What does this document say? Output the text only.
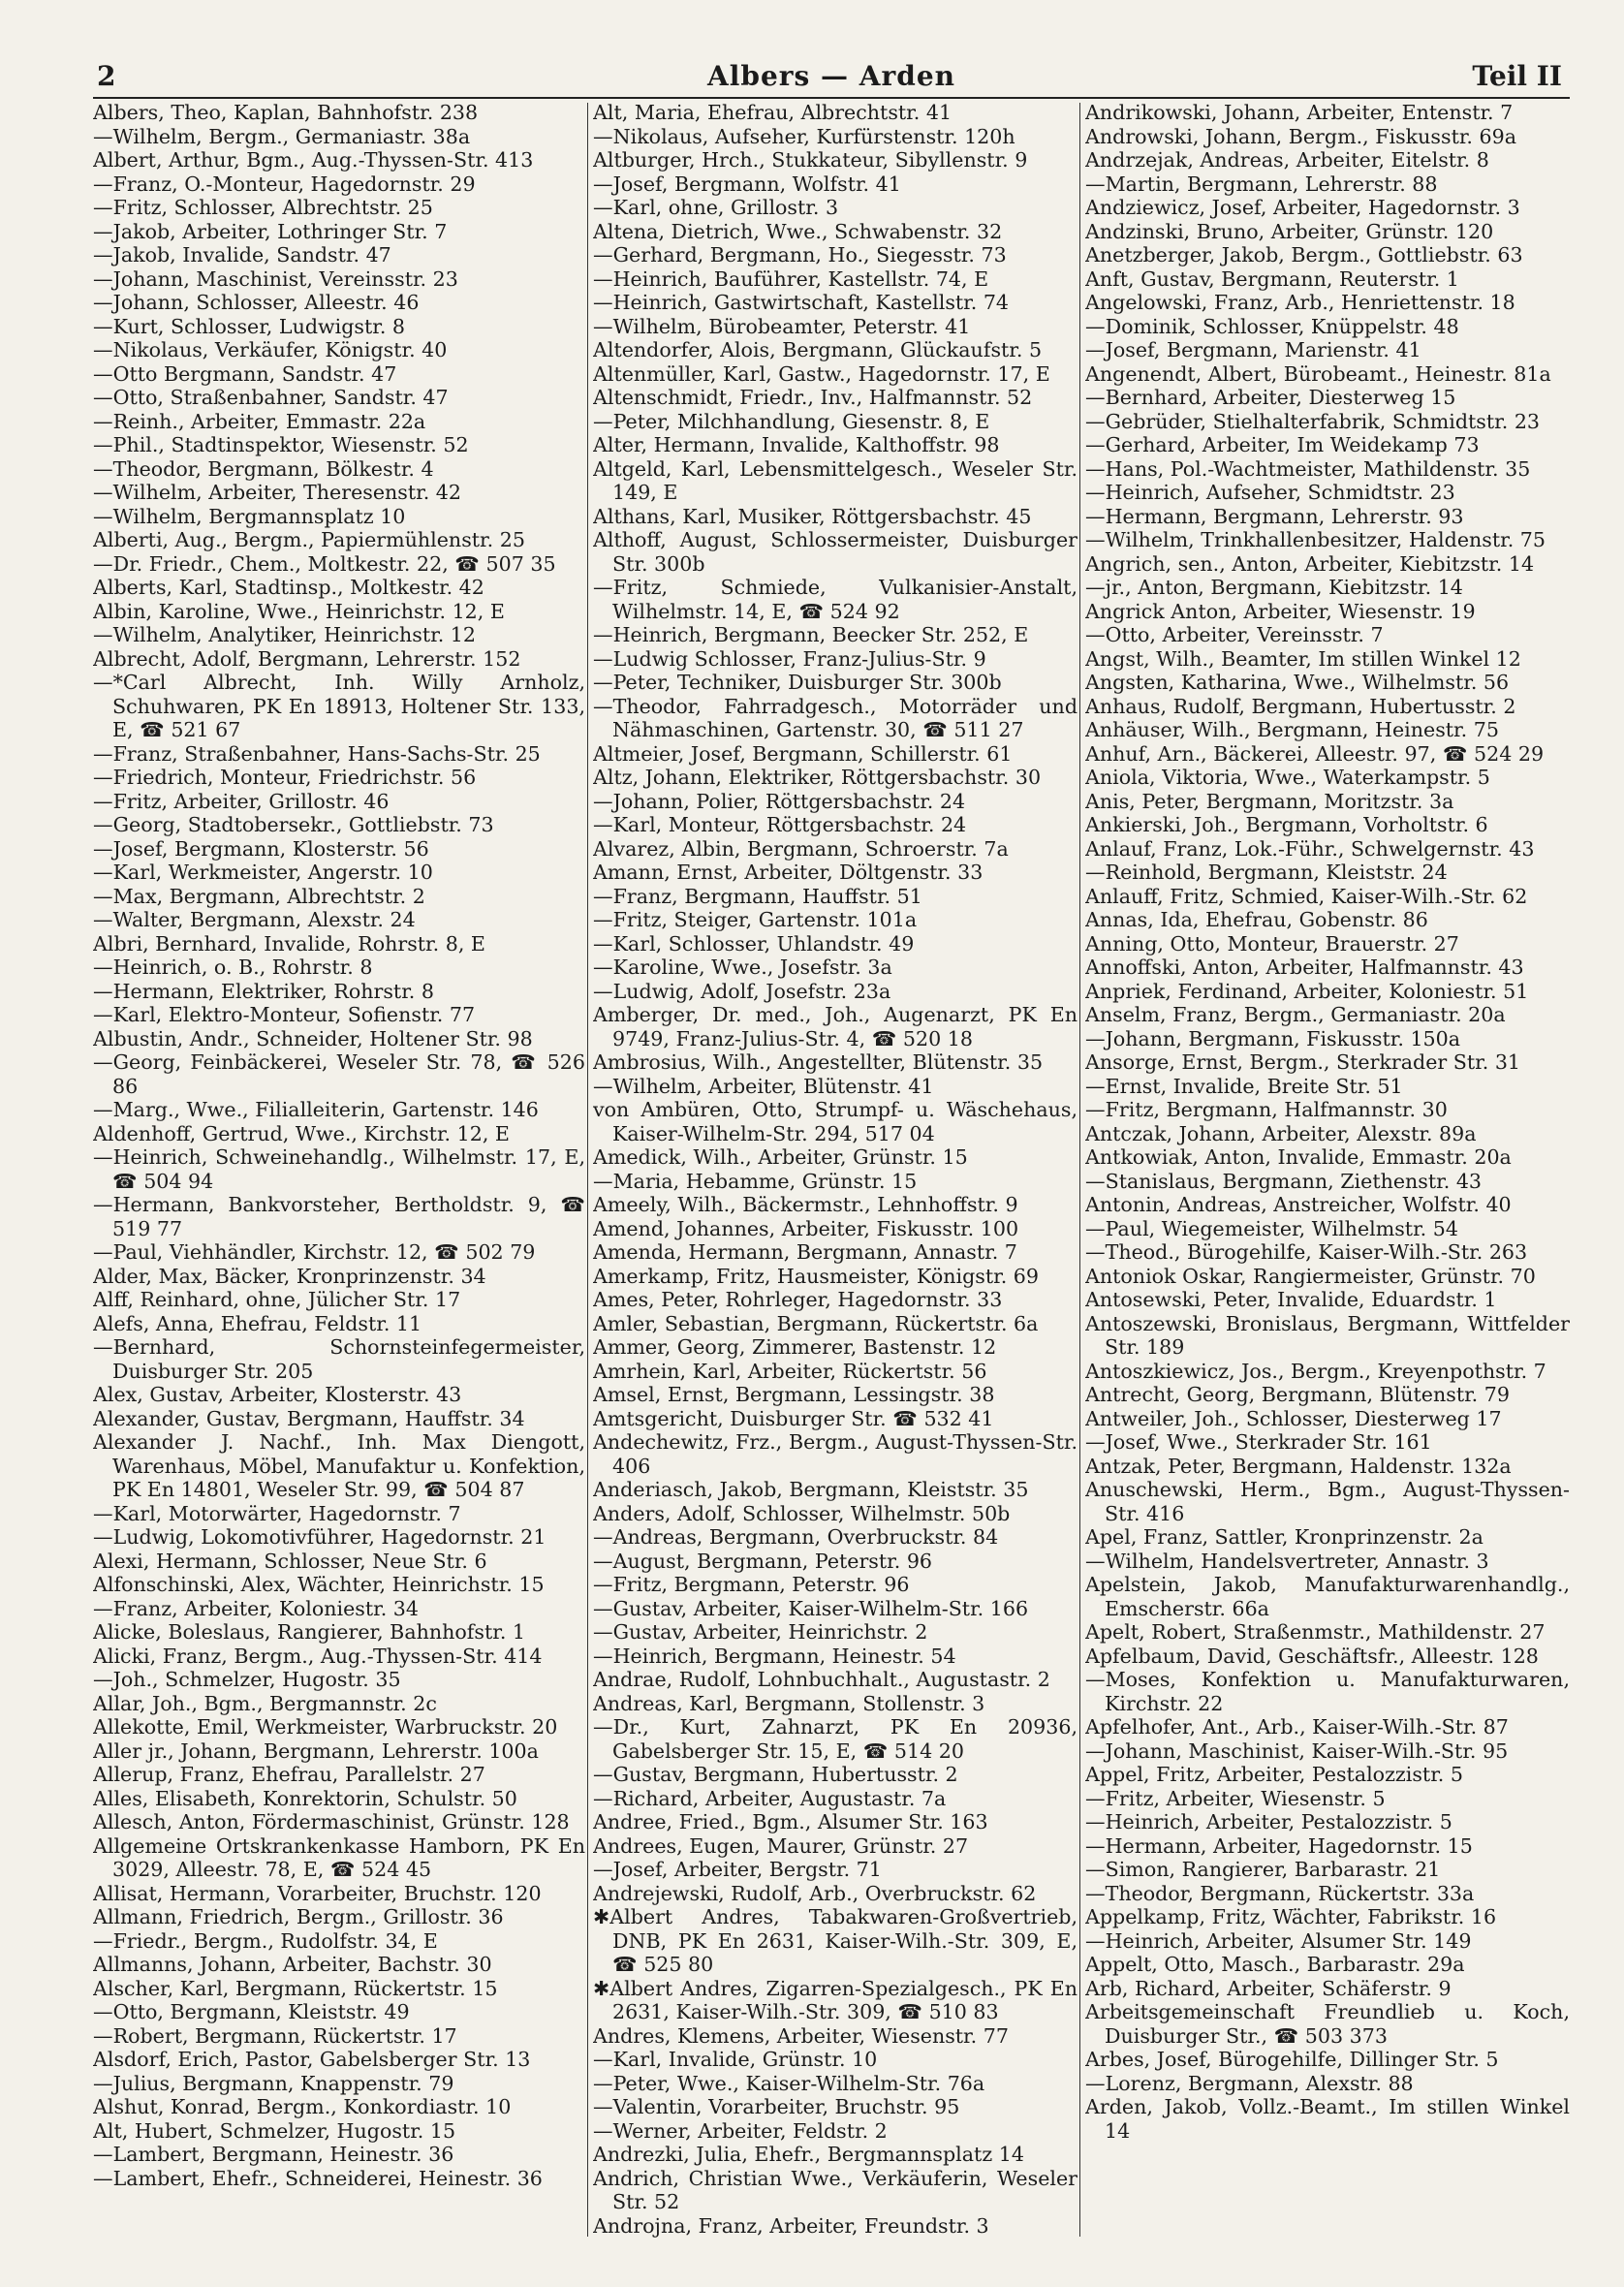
2	Albers — Arden	Teil II
Albers, Theo, Kaplan, Bahnhofstr. 238
—Wilhelm, Bergm., Germaniastr. 38a
Albert, Arthur, Bgm., Aug.-Thyssen-Str. 413
—Franz, O.-Monteur, Hagedornstr. 29
—Fritz, Schlosser, Albrechtstr. 25
—Jakob, Arbeiter, Lothringer Str. 7
—Jakob, Invalide, Sandstr. 47
—Johann, Maschinist, Vereinsstr. 23
—Johann, Schlosser, Alleestr. 46
—Kurt, Schlosser, Ludwigstr. 8
—Nikolaus, Verkäufer, Königstr. 40
—Otto Bergmann, Sandstr. 47
—Otto, Straßenbahner, Sandstr. 47
—Reinh., Arbeiter, Emmastr. 22a
—Phil., Stadtinspektor, Wiesenstr. 52
—Theodor, Bergmann, Bölkestr. 4
—Wilhelm, Arbeiter, Theresenstr. 42
—Wilhelm, Bergmannsplatz 10
Alberti, Aug., Bergm., Papiermühlenstr. 25
—Dr. Friedr., Chem., Moltkestr. 22, ☎ 507 35
Alberts, Karl, Stadtinsp., Moltkestr. 42
Albin, Karoline, Wwe., Heinrichstr. 12, E
—Wilhelm, Analytiker, Heinrichstr. 12
Albrecht, Adolf, Bergmann, Lehrerstr. 152
—*Carl Albrecht, Inh. Willy Arnholz, Schuhwaren, PK En 18913, Holtener Str. 133, E, ☎ 521 67
—Franz, Straßenbahner, Hans-Sachs-Str. 25
—Friedrich, Monteur, Friedrichstr. 56
—Fritz, Arbeiter, Grillostr. 46
—Georg, Stadtobersekr., Gottliebstr. 73
—Josef, Bergmann, Klosterstr. 56
—Karl, Werkmeister, Angerstr. 10
—Max, Bergmann, Albrechtstr. 2
—Walter, Bergmann, Alexstr. 24
Albri, Bernhard, Invalide, Rohrstr. 8, E
—Heinrich, o. B., Rohrstr. 8
—Hermann, Elektriker, Rohrstr. 8
—Karl, Elektro-Monteur, Sofienstr. 77
Albustin, Andr., Schneider, Holtener Str. 98
—Georg, Feinbäckerei, Weseler Str. 78, ☎ 526 86
—Marg., Wwe., Filialleiterin, Gartenstr. 146
Aldenhoff, Gertrud, Wwe., Kirchstr. 12, E
—Heinrich, Schweinehandlg., Wilhelmstr. 17, E, ☎ 504 94
—Hermann, Bankvorsteher, Bertholdstr. 9, ☎ 519 77
—Paul, Viehhändler, Kirchstr. 12, ☎ 502 79
Alder, Max, Bäcker, Kronprinzenstr. 34
Alff, Reinhard, ohne, Jülicher Str. 17
Alefs, Anna, Ehefrau, Feldstr. 11
—Bernhard, Schornsteinfegermeister, Duisburger Str. 205
Alex, Gustav, Arbeiter, Klosterstr. 43
Alexander, Gustav, Bergmann, Hauffstr. 34
Alexander J. Nachf., Inh. Max Diengott, Warenhaus, Möbel, Manufaktur u. Konfektion, PK En 14801, Weseler Str. 99, ☎ 504 87
—Karl, Motorwärter, Hagedornstr. 7
—Ludwig, Lokomotivführer, Hagedornstr. 21
Alexi, Hermann, Schlosser, Neue Str. 6
Alfonschinski, Alex, Wächter, Heinrichstr. 15
—Franz, Arbeiter, Koloniestr. 34
Alicke, Boleslaus, Rangierer, Bahnhofstr. 1
Alicki, Franz, Bergm., Aug.-Thyssen-Str. 414
—Joh., Schmelzer, Hugostr. 35
Allar, Joh., Bgm., Bergmannstr. 2c
Allekotte, Emil, Werkmeister, Warbruckstr. 20
Aller jr., Johann, Bergmann, Lehrerstr. 100a
Allerup, Franz, Ehefrau, Parallelstr. 27
Alles, Elisabeth, Konrektorin, Schulstr. 50
Allesch, Anton, Fördermaschinist, Grünstr. 128
Allgemeine Ortskrankenkasse Hamborn, PK En 3029, Alleestr. 78, E, ☎ 524 45
Allisat, Hermann, Vorarbeiter, Bruchstr. 120
Allmann, Friedrich, Bergm., Grillostr. 36
—Friedr., Bergm., Rudolfstr. 34, E
Allmanns, Johann, Arbeiter, Bachstr. 30
Alscher, Karl, Bergmann, Rückertstr. 15
—Otto, Bergmann, Kleiststr. 49
—Robert, Bergmann, Rückertstr. 17
Alsdorf, Erich, Pastor, Gabelsberger Str. 13
—Julius, Bergmann, Knappenstr. 79
Alshut, Konrad, Bergm., Konkordiastr. 10
Alt, Hubert, Schmelzer, Hugostr. 15
—Lambert, Bergmann, Heinestr. 36
—Lambert, Ehefr., Schneiderei, Heinestr. 36
Alt, Maria, Ehefrau, Albrechtstr. 41
—Nikolaus, Aufseher, Kurfürstenstr. 120h
Altburger, Hrch., Stukkateur, Sibyllenstr. 9
—Josef, Bergmann, Wolfstr. 41
—Karl, ohne, Grillostr. 3
Altena, Dietrich, Wwe., Schwabenstr. 32
—Gerhard, Bergmann, Ho., Siegesstr. 73
—Heinrich, Bauführer, Kastellstr. 74, E
—Heinrich, Gastwirtschaft, Kastellstr. 74
—Wilhelm, Bürobeamter, Peterstr. 41
Altendorfer, Alois, Bergmann, Glückaufstr. 5
Altenmüller, Karl, Gastw., Hagedornstr. 17, E
Altenschmidt, Friedr., Inv., Halfmannstr. 52
—Peter, Milchhandlung, Giesenstr. 8, E
Alter, Hermann, Invalide, Kalthoffstr. 98
Altgeld, Karl, Lebensmittelgesch., Weseler Str. 149, E
Althans, Karl, Musiker, Röttgersbachstr. 45
Althoff, August, Schlossermeister, Duisburger Str. 300b
—Fritz, Schmiede, Vulkanisier-Anstalt, Wilhelmstr. 14, E, ☎ 524 92
—Heinrich, Bergmann, Beecker Str. 252, E
—Ludwig Schlosser, Franz-Julius-Str. 9
—Peter, Techniker, Duisburger Str. 300b
—Theodor, Fahrradgesch., Motorräder und Nähmaschinen, Gartenstr. 30, ☎ 511 27
Altmeier, Josef, Bergmann, Schillerstr. 61
Altz, Johann, Elektriker, Röttgersbachstr. 30
—Johann, Polier, Röttgersbachstr. 24
—Karl, Monteur, Röttgersbachstr. 24
Alvarez, Albin, Bergmann, Schroerstr. 7a
Amann, Ernst, Arbeiter, Döltgenstr. 33
—Franz, Bergmann, Hauffstr. 51
—Fritz, Steiger, Gartenstr. 101a
—Karl, Schlosser, Uhlandstr. 49
—Karoline, Wwe., Josefstr. 3a
—Ludwig, Adolf, Josefstr. 23a
Amberger, Dr. med., Joh., Augenarzt, PK En 9749, Franz-Julius-Str. 4, ☎ 520 18
Ambrosius, Wilh., Angestellter, Blütenstr. 35
—Wilhelm, Arbeiter, Blütenstr. 41
von Ambüren, Otto, Strumpf- u. Wäschehaus, Kaiser-Wilhelm-Str. 294, 517 04
Amedick, Wilh., Arbeiter, Grünstr. 15
—Maria, Hebamme, Grünstr. 15
Ameely, Wilh., Bäckermstr., Lehnhoffstr. 9
Amend, Johannes, Arbeiter, Fiskusstr. 100
Amenda, Hermann, Bergmann, Annastr. 7
Amerkamp, Fritz, Hausmeister, Königstr. 69
Ames, Peter, Rohrleger, Hagedornstr. 33
Amler, Sebastian, Bergmann, Rückertstr. 6a
Ammer, Georg, Zimmerer, Bastenstr. 12
Amrhein, Karl, Arbeiter, Rückertstr. 56
Amsel, Ernst, Bergmann, Lessingstr. 38
Amtsgericht, Duisburger Str. ☎ 532 41
Andechewitz, Frz., Bergm., August-Thyssen-Str. 406
Anderiasch, Jakob, Bergmann, Kleiststr. 35
Anders, Adolf, Schlosser, Wilhelmstr. 50b
—Andreas, Bergmann, Overbruckstr. 84
—August, Bergmann, Peterstr. 96
—Fritz, Bergmann, Peterstr. 96
—Gustav, Arbeiter, Kaiser-Wilhelm-Str. 166
—Gustav, Arbeiter, Heinrichstr. 2
—Heinrich, Bergmann, Heinestr. 54
Andrae, Rudolf, Lohnbuchhalt., Augustastr. 2
Andreas, Karl, Bergmann, Stollenstr. 3
—Dr., Kurt, Zahnarzt, PK En 20936, Gabelsberger Str. 15, E, ☎ 514 20
—Gustav, Bergmann, Hubertusstr. 2
—Richard, Arbeiter, Augustastr. 7a
Andree, Fried., Bgm., Alsumer Str. 163
Andrees, Eugen, Maurer, Grünstr. 27
—Josef, Arbeiter, Bergstr. 71
Andrejewski, Rudolf, Arb., Overbruckstr. 62
✱Albert Andres, Tabakwaren-Großvertrieb, DNB, PK En 2631, Kaiser-Wilh.-Str. 309, E, ☎ 525 80
✱Albert Andres, Zigarren-Spezialgesch., PK En 2631, Kaiser-Wilh.-Str. 309, ☎ 510 83
Andres, Klemens, Arbeiter, Wiesenstr. 77
—Karl, Invalide, Grünstr. 10
—Peter, Wwe., Kaiser-Wilhelm-Str. 76a
—Valentin, Vorarbeiter, Bruchstr. 95
—Werner, Arbeiter, Feldstr. 2
Andrezki, Julia, Ehefr., Bergmannsplatz 14
Andrich, Christian Wwe., Verkäuferin, Weseler Str. 52
Androjna, Franz, Arbeiter, Freundstr. 3
Andrikowski, Johann, Arbeiter, Entenstr. 7
Androwski, Johann, Bergm., Fiskusstr. 69a
Andrzejak, Andreas, Arbeiter, Eitelstr. 8
—Martin, Bergmann, Lehrerstr. 88
Andziewicz, Josef, Arbeiter, Hagedornstr. 3
Andzinski, Bruno, Arbeiter, Grünstr. 120
Anetzberger, Jakob, Bergm., Gottliebstr. 63
Anft, Gustav, Bergmann, Reuterstr. 1
Angelowski, Franz, Arb., Henriettenstr. 18
—Dominik, Schlosser, Knüppelstr. 48
—Josef, Bergmann, Marienstr. 41
Angenendt, Albert, Bürobeamt., Heinestr. 81a
—Bernhard, Arbeiter, Diesterweg 15
—Gebrüder, Stielhalterfabrik, Schmidtstr. 23
—Gerhard, Arbeiter, Im Weidekamp 73
—Hans, Pol.-Wachtmeister, Mathildenstr. 35
—Heinrich, Aufseher, Schmidtstr. 23
—Hermann, Bergmann, Lehrerstr. 93
—Wilhelm, Trinkhallenbesitzer, Haldenstr. 75
Angrich, sen., Anton, Arbeiter, Kiebitzstr. 14
—jr., Anton, Bergmann, Kiebitzstr. 14
Angrick Anton, Arbeiter, Wiesenstr. 19
—Otto, Arbeiter, Vereinsstr. 7
Angst, Wilh., Beamter, Im stillen Winkel 12
Angsten, Katharina, Wwe., Wilhelmstr. 56
Anhaus, Rudolf, Bergmann, Hubertusstr. 2
Anhäuser, Wilh., Bergmann, Heinestr. 75
Anhuf, Arn., Bäckerei, Alleestr. 97, ☎ 524 29
Aniola, Viktoria, Wwe., Waterkampstr. 5
Anis, Peter, Bergmann, Moritzstr. 3a
Ankierski, Joh., Bergmann, Vorholtstr. 6
Anlauf, Franz, Lok.-Führ., Schwelgernstr. 43
—Reinhold, Bergmann, Kleiststr. 24
Anlauff, Fritz, Schmied, Kaiser-Wilh.-Str. 62
Annas, Ida, Ehefrau, Gobenstr. 86
Anning, Otto, Monteur, Brauerstr. 27
Annoffski, Anton, Arbeiter, Halfmannstr. 43
Anpriek, Ferdinand, Arbeiter, Koloniestr. 51
Anselm, Franz, Bergm., Germaniastr. 20a
—Johann, Bergmann, Fiskusstr. 150a
Ansorge, Ernst, Bergm., Sterkrader Str. 31
—Ernst, Invalide, Breite Str. 51
—Fritz, Bergmann, Halfmannstr. 30
Antczak, Johann, Arbeiter, Alexstr. 89a
Antkowiak, Anton, Invalide, Emmastr. 20a
—Stanislaus, Bergmann, Ziethenstr. 43
Antonin, Andreas, Anstreicher, Wolfstr. 40
—Paul, Wiegemeister, Wilhelmstr. 54
—Theod., Bürogehilfe, Kaiser-Wilh.-Str. 263
Antoniok Oskar, Rangiermeister, Grünstr. 70
Antosewski, Peter, Invalide, Eduardstr. 1
Antoszewski, Bronislaus, Bergmann, Wittfelder Str. 189
Antoszkiewicz, Jos., Bergm., Kreyenpothstr. 7
Antrecht, Georg, Bergmann, Blütenstr. 79
Antweiler, Joh., Schlosser, Diesterweg 17
—Josef, Wwe., Sterkrader Str. 161
Antzak, Peter, Bergmann, Haldenstr. 132a
Anuschewski, Herm., Bgm., August-Thyssen-Str. 416
Apel, Franz, Sattler, Kronprinzenstr. 2a
—Wilhelm, Handelsvertreter, Annastr. 3
Apelstein, Jakob, Manufakturwarenhandlg., Emscherstr. 66a
Apelt, Robert, Straßenmstr., Mathildenstr. 27
Apfelbaum, David, Geschäftsfr., Alleestr. 128
—Moses, Konfektion u. Manufakturwaren, Kirchstr. 22
Apfelhofer, Ant., Arb., Kaiser-Wilh.-Str. 87
—Johann, Maschinist, Kaiser-Wilh.-Str. 95
Appel, Fritz, Arbeiter, Pestalozzistr. 5
—Fritz, Arbeiter, Wiesenstr. 5
—Heinrich, Arbeiter, Pestalozzistr. 5
—Hermann, Arbeiter, Hagedornstr. 15
—Simon, Rangierer, Barbarastr. 21
—Theodor, Bergmann, Rückertstr. 33a
Appelkamp, Fritz, Wächter, Fabrikstr. 16
—Heinrich, Arbeiter, Alsumer Str. 149
Appelt, Otto, Masch., Barbarastr. 29a
Arb, Richard, Arbeiter, Schäferstr. 9
Arbeitsgemeinschaft Freundlieb u. Koch, Duisburger Str., ☎ 503 373
Arbes, Josef, Bürogehilfe, Dillinger Str. 5
—Lorenz, Bergmann, Alexstr. 88
Arden, Jakob, Vollz.-Beamt., Im stillen Winkel 14
